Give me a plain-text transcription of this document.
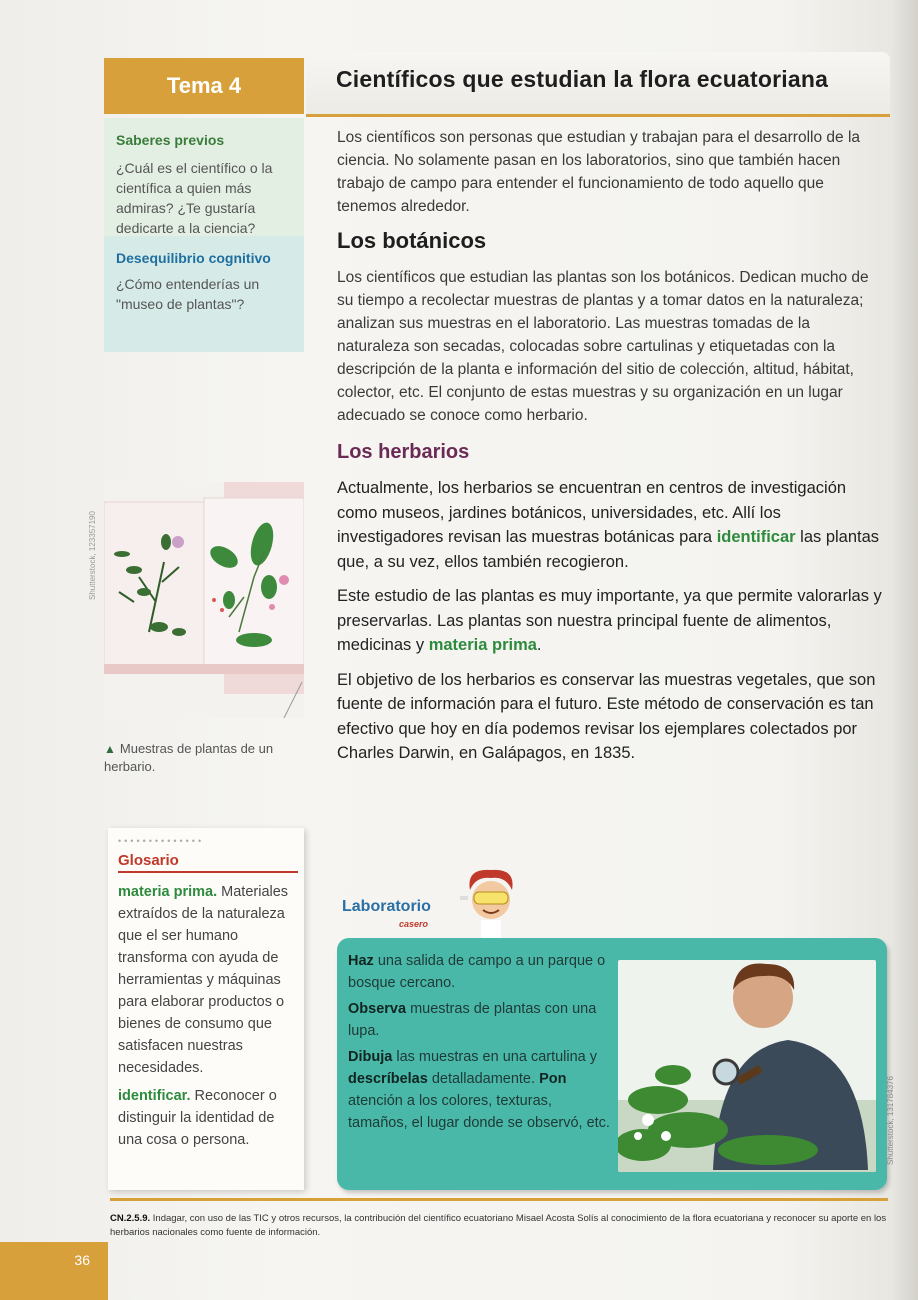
Tema 4	Científicos que estudian la flora ecuatoriana
Saberes previos

¿Cuál es el científico o la científica a quien más admiras? ¿Te gustaría dedicarte a la ciencia?

Desequilibrio cognitivo

¿Cómo entenderías un "museo de plantas"?

Shutterstock, 123357190
▲ Muestras de plantas de un herbario.
••••••••••••••
Glosario

materia prima. Materiales extraídos de la naturaleza que el ser humano transforma con ayuda de herramientas y máquinas para elaborar productos o bienes de consumo que satisfacen nuestras necesidades.

identificar. Reconocer o distinguir la identidad de una cosa o persona.

Los científicos son personas que estudian y trabajan para el desarrollo de la ciencia. No solamente pasan en los laboratorios, sino que también hacen trabajo de campo para entender el funcionamiento de todo aquello que tenemos alrededor.

Los botánicos

Los científicos que estudian las plantas son los botánicos. Dedican mucho de su tiempo a recolectar muestras de plantas y a tomar datos en la naturaleza; analizan sus muestras en el laboratorio. Las muestras tomadas de la naturaleza son secadas, colocadas sobre cartulinas y etiquetadas con la descripción de la planta e información del sitio de colección, altitud, hábitat, colector, etc. El conjunto de estas muestras y su organización en un lugar adecuado se conoce como herbario.

Los herbarios

Actualmente, los herbarios se encuentran en centros de investigación como museos, jardines botánicos, universidades, etc. Allí los investigadores revisan las muestras botánicas para identificar las plantas que, a su vez, ellos también recogieron.

Este estudio de las plantas es muy importante, ya que permite valorarlas y preservarlas. Las plantas son nuestra principal fuente de alimentos, medicinas y materia prima.

El objetivo de los herbarios es conservar las muestras vegetales, que son fuente de información para el futuro. Este método de conservación es tan efectivo que hoy en día podemos revisar los ejemplares colectados por Charles Darwin, en Galápagos, en 1835.

Laboratorio
casero

Haz una salida de campo a un parque o bosque cercano.

Observa muestras de plantas con una lupa.

Dibuja las muestras en una cartulina y descríbelas detalladamente. Pon atención a los colores, texturas, tamaños, el lugar donde se observó, etc.	Shutterstock, 131784376
CN.2.5.9. Indagar, con uso de las TIC y otros recursos, la contribución del científico ecuatoriano Misael Acosta Solís al conocimiento de la flora ecuatoriana y reconocer su aporte en los herbarios nacionales como fuente de información.
36
